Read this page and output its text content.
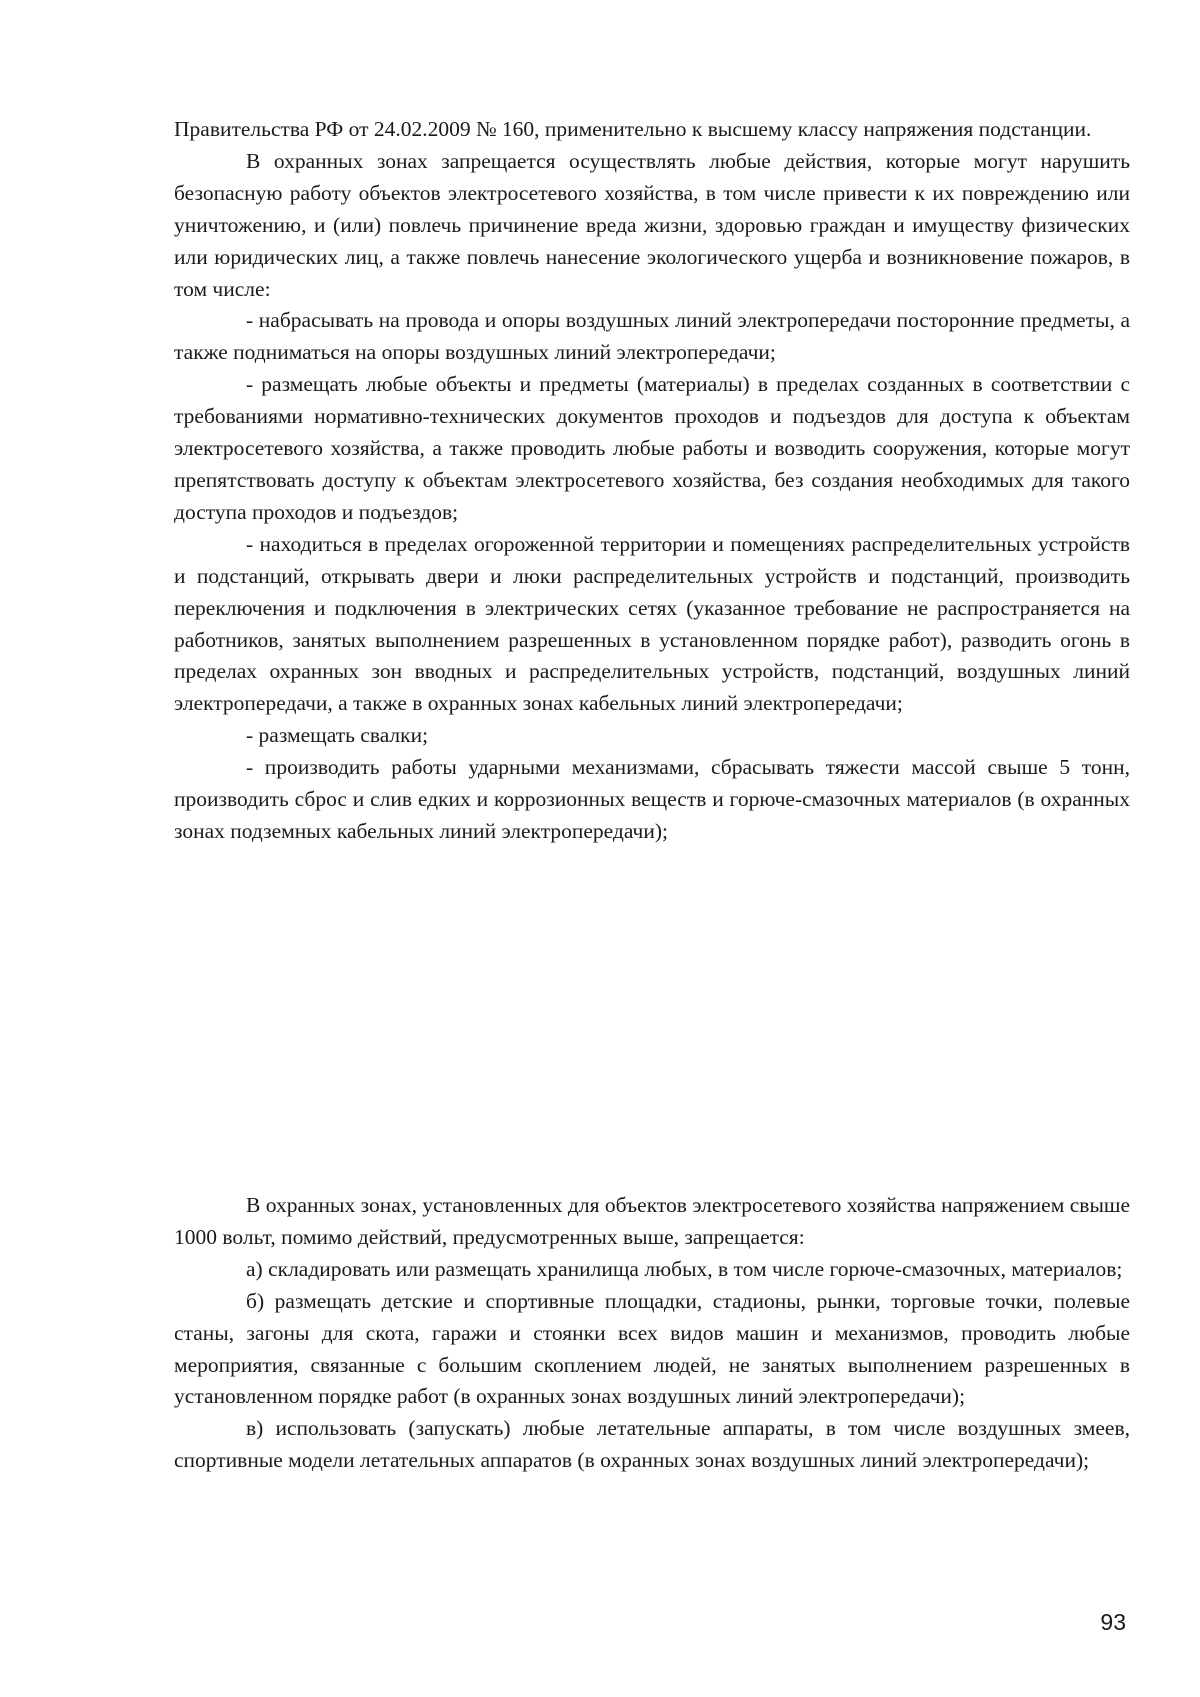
Правительства РФ от 24.02.2009 № 160, применительно к высшему классу напряжения подстанции.

В охранных зонах запрещается осуществлять любые действия, которые могут нарушить безопасную работу объектов электросетевого хозяйства, в том числе привести к их повреждению или уничтожению, и (или) повлечь причинение вреда жизни, здоровью граждан и имуществу физических или юридических лиц, а также повлечь нанесение экологического ущерба и возникновение пожаров, в том числе:

- набрасывать на провода и опоры воздушных линий электропередачи посторонние предметы, а также подниматься на опоры воздушных линий электропередачи;

- размещать любые объекты и предметы (материалы) в пределах созданных в соответствии с требованиями нормативно-технических документов проходов и подъездов для доступа к объектам электросетевого хозяйства, а также проводить любые работы и возводить сооружения, которые могут препятствовать доступу к объектам электросетевого хозяйства, без создания необходимых для такого доступа проходов и подъездов;

- находиться в пределах огороженной территории и помещениях распределительных устройств и подстанций, открывать двери и люки распределительных устройств и подстанций, производить переключения и подключения в электрических сетях (указанное требование не распространяется на работников, занятых выполнением разрешенных в установленном порядке работ), разводить огонь в пределах охранных зон вводных и распределительных устройств, подстанций, воздушных линий электропередачи, а также в охранных зонах кабельных линий электропередачи;

- размещать свалки;

- производить работы ударными механизмами, сбрасывать тяжести массой свыше 5 тонн, производить сброс и слив едких и коррозионных веществ и горюче-смазочных материалов (в охранных зонах подземных кабельных линий электропередачи);

В охранных зонах, установленных для объектов электросетевого хозяйства напряжением свыше 1000 вольт, помимо действий, предусмотренных выше, запрещается:

а) складировать или размещать хранилища любых, в том числе горюче-смазочных, материалов;

б) размещать детские и спортивные площадки, стадионы, рынки, торговые точки, полевые станы, загоны для скота, гаражи и стоянки всех видов машин и механизмов, проводить любые мероприятия, связанные с большим скоплением людей, не занятых выполнением разрешенных в установленном порядке работ (в охранных зонах воздушных линий электропередачи);

в) использовать (запускать) любые летательные аппараты, в том числе воздушных змеев, спортивные модели летательных аппаратов (в охранных зонах воздушных линий электропередачи);

93
